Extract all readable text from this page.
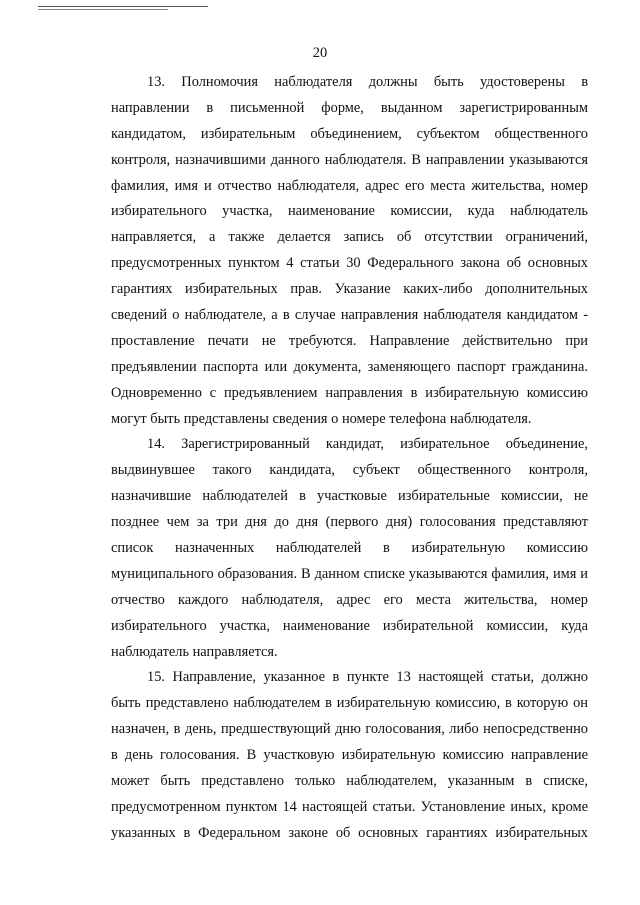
20
13. Полномочия наблюдателя должны быть удостоверены в
направлении в письменной форме, выданном зарегистрированным
кандидатом, избирательным объединением, субъектом общественного
контроля, назначившими данного наблюдателя. В направлении указываются
фамилия, имя и отчество наблюдателя, адрес его места жительства, номер
избирательного участка, наименование комиссии, куда наблюдатель
направляется, а также делается запись об отсутствии ограничений,
предусмотренных пунктом 4 статьи 30 Федерального закона об основных
гарантиях избирательных прав. Указание каких-либо дополнительных
сведений о наблюдателе, а в случае направления наблюдателя кандидатом -
проставление печати не требуются. Направление действительно при
предъявлении паспорта или документа, заменяющего паспорт гражданина.
Одновременно с предъявлением направления в избирательную комиссию
могут быть представлены сведения о номере телефона наблюдателя.
14. Зарегистрированный кандидат, избирательное объединение,
выдвинувшее такого кандидата, субъект общественного контроля,
назначившие наблюдателей в участковые избирательные комиссии, не
позднее чем за три дня до дня (первого дня) голосования представляют
список назначенных наблюдателей в избирательную комиссию
муниципального образования. В данном списке указываются фамилия, имя и
отчество каждого наблюдателя, адрес его места жительства, номер
избирательного участка, наименование избирательной комиссии, куда
наблюдатель направляется.
15. Направление, указанное в пункте 13 настоящей статьи, должно
быть представлено наблюдателем в избирательную комиссию, в которую он
назначен, в день, предшествующий дню голосования, либо непосредственно
в день голосования. В участковую избирательную комиссию направление
может быть представлено только наблюдателем, указанным в списке,
предусмотренном пунктом 14 настоящей статьи. Установление иных, кроме
указанных в Федеральном законе об основных гарантиях избирательных
